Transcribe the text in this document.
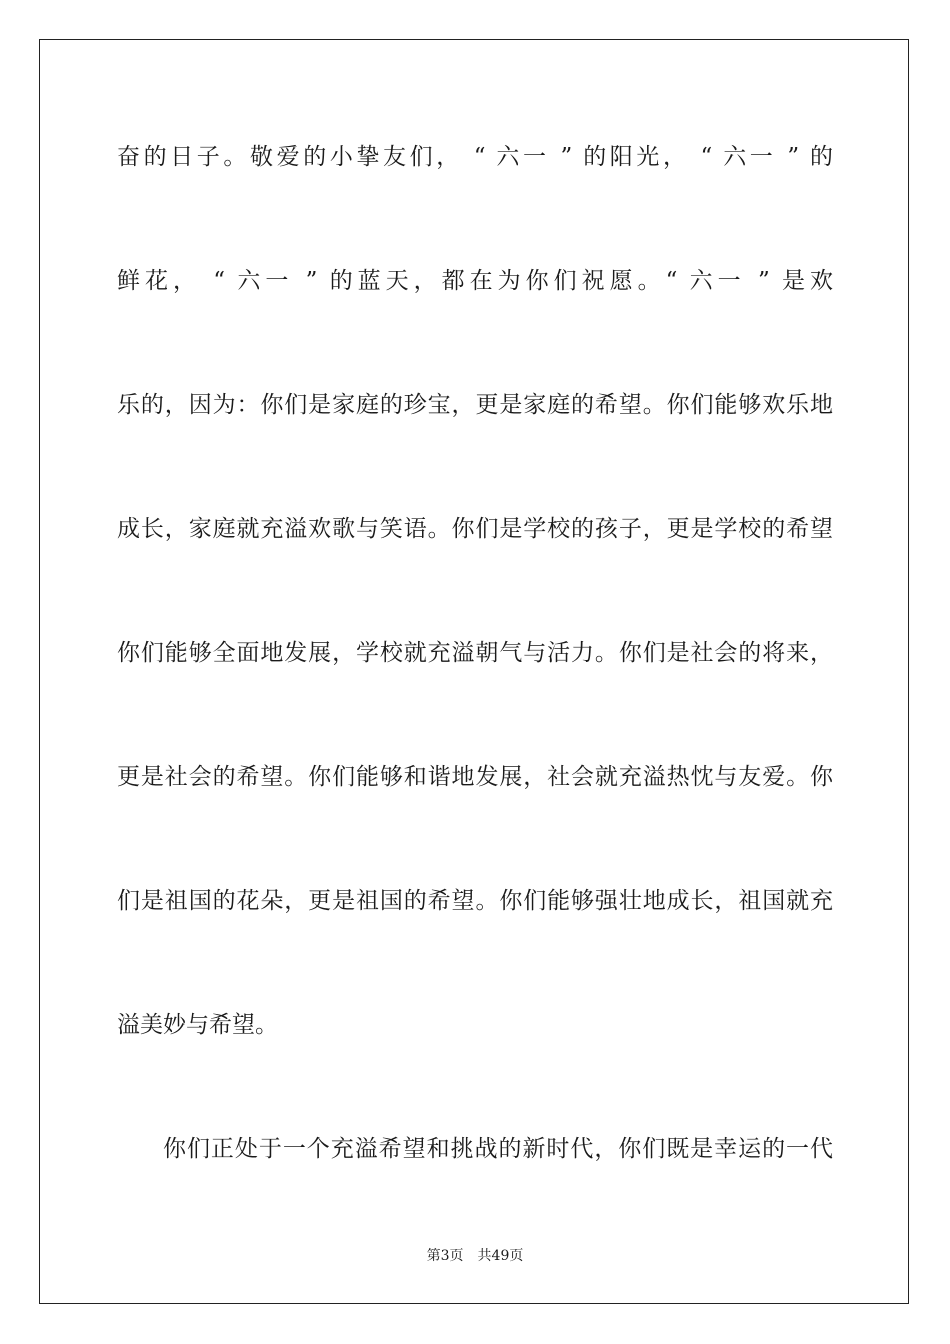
奋的日子。敬爱的小挚友们， “ 六一 ” 的阳光， “ 六一 ” 的
鲜花， “ 六一 ” 的蓝天，都在为你们祝愿。“ 六一 ” 是欢
乐的，因为：你们是家庭的珍宝，更是家庭的希望。你们能够欢乐地
成长，家庭就充溢欢歌与笑语。你们是学校的孩子，更是学校的希望
你们能够全面地发展，学校就充溢朝气与活力。你们是社会的将来，
更是社会的希望。你们能够和谐地发展，社会就充溢热忱与友爱。你
们是祖国的花朵，更是祖国的希望。你们能够强壮地成长，祖国就充
溢美妙与希望。
你们正处于一个充溢希望和挑战的新时代，你们既是幸运的一代
第3页 共49页
